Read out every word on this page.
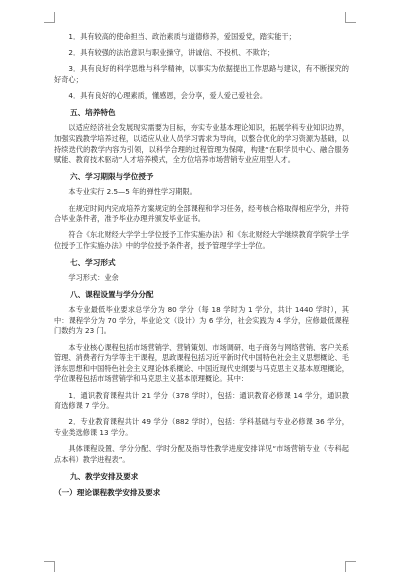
1．具有较高的使命担当、政治素质与道德修养，爱国爱党，踏实能干；

2．具有较强的法治意识与职业操守，讲诚信、不投机、不欺诈；

3．具有良好的科学思维与科学精神，以事实为依据提出工作思路与建议，有不断探究的好奇心；

4．具有良好的心理素质，懂感恩，会分享，爱人爱己爱社会。

五、培养特色

以适应经济社会发展现实需要为目标，夯实专业基本理论知识，拓展学科专业知识边界，加强实践教学培养过程，以适应从业人员学习需求为导向，以整合优化的学习资源为基础，以持续迭代的教学内容为引领，以科学合理的过程管理为保障，构建“在职学员中心、融合服务赋能、教育技术驱动”人才培养模式，全方位培养市场营销专业应用型人才。

六、学习期限与学位授予

本专业实行 2.5—5 年的弹性学习期限。

在规定时间内完成培养方案规定的全部课程和学习任务，经考核合格取得相应学分，并符合毕业条件者，准予毕业办理并颁发毕业证书。

符合《东北财经大学学士学位授予工作实施办法》和《东北财经大学继续教育学院学士学位授予工作实施办法》中的学位授予条件者，授予管理学学士学位。

七、学习形式

学习形式：业余

八、课程设置与学分分配

本专业最低毕业要求总学分为 80 学分（每 18 学时为 1 学分，共计 1440 学时），其中：课程学分为 70 学分，毕业论文（设计）为 6 学分，社会实践为 4 学分，应修最低课程门数约为 23 门。

本专业核心课程包括市场营销学、营销策划、市场调研、电子商务与网络营销、客户关系管理、消费者行为学等主干课程，思政课程包括习近平新时代中国特色社会主义思想概论、毛泽东思想和中国特色社会主义理论体系概论、中国近现代史纲要与马克思主义基本原理概论，学位课程包括市场营销学和马克思主义基本原理概论。其中：

1．通识教育课程共计 21 学分（378 学时），包括：通识教育必修课 14 学分，通识教育选修课 7 学分。

2．专业教育课程共计 49 学分（882 学时），包括：学科基础与专业必修课 36 学分，专业类选修课 13 学分。

具体课程设置、学分分配、学时分配及指导性教学进度安排详见“市场营销专业（专科起点本科）教学进程表”。

九、教学安排及要求
（一）理论课程教学安排及要求
